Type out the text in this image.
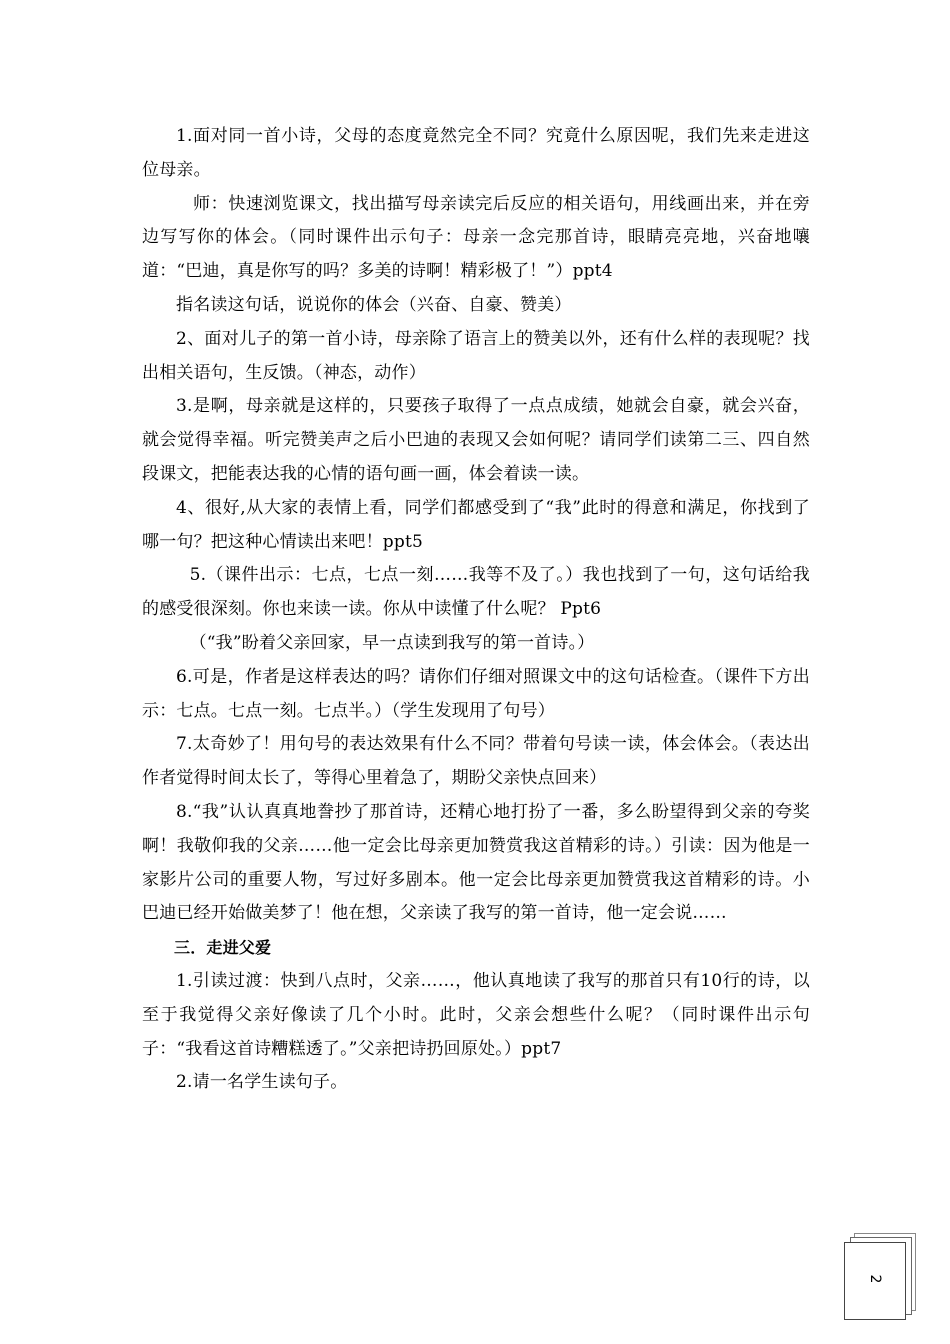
1.面对同一首小诗，父母的态度竟然完全不同？究竟什么原因呢，我们先来走进这位母亲。

师：快速浏览课文，找出描写母亲读完后反应的相关语句，用线画出来，并在旁边写写你的体会。（同时课件出示句子：母亲一念完那首诗，眼睛亮亮地，兴奋地嚷道：“巴迪，真是你写的吗？多美的诗啊！精彩极了！”）ppt4

指名读这句话，说说你的体会（兴奋、自豪、赞美）

2、面对儿子的第一首小诗，母亲除了语言上的赞美以外，还有什么样的表现呢？找出相关语句，生反馈。（神态，动作）

3.是啊，母亲就是这样的，只要孩子取得了一点点成绩，她就会自豪，就会兴奋，就会觉得幸福。听完赞美声之后小巴迪的表现又会如何呢？请同学们读第二三、四自然段课文，把能表达我的心情的语句画一画，体会着读一读。

4、很好,从大家的表情上看，同学们都感受到了“我”此时的得意和满足，你找到了哪一句？把这种心情读出来吧！ppt5

5.（课件出示：七点，七点一刻……我等不及了。）我也找到了一句，这句话给我的感受很深刻。你也来读一读。你从中读懂了什么呢？ Ppt6

（“我”盼着父亲回家，早一点读到我写的第一首诗。）

6.可是，作者是这样表达的吗？请你们仔细对照课文中的这句话检查。（课件下方出示：七点。七点一刻。七点半。）（学生发现用了句号）

7.太奇妙了！用句号的表达效果有什么不同？带着句号读一读，体会体会。（表达出作者觉得时间太长了，等得心里着急了，期盼父亲快点回来）

8.“我”认认真真地誊抄了那首诗，还精心地打扮了一番，多么盼望得到父亲的夸奖啊！我敬仰我的父亲……他一定会比母亲更加赞赏我这首精彩的诗。）引读：因为他是一家影片公司的重要人物，写过好多剧本。他一定会比母亲更加赞赏我这首精彩的诗。小巴迪已经开始做美梦了！他在想，父亲读了我写的第一首诗，他一定会说……

三．走进父爱

1.引读过渡：快到八点时，父亲……，他认真地读了我写的那首只有10行的诗，以至于我觉得父亲好像读了几个小时。此时，父亲会想些什么呢？（同时课件出示句子：“我看这首诗糟糕透了。”父亲把诗扔回原处。）ppt7

2.请一名学生读句子。

2
